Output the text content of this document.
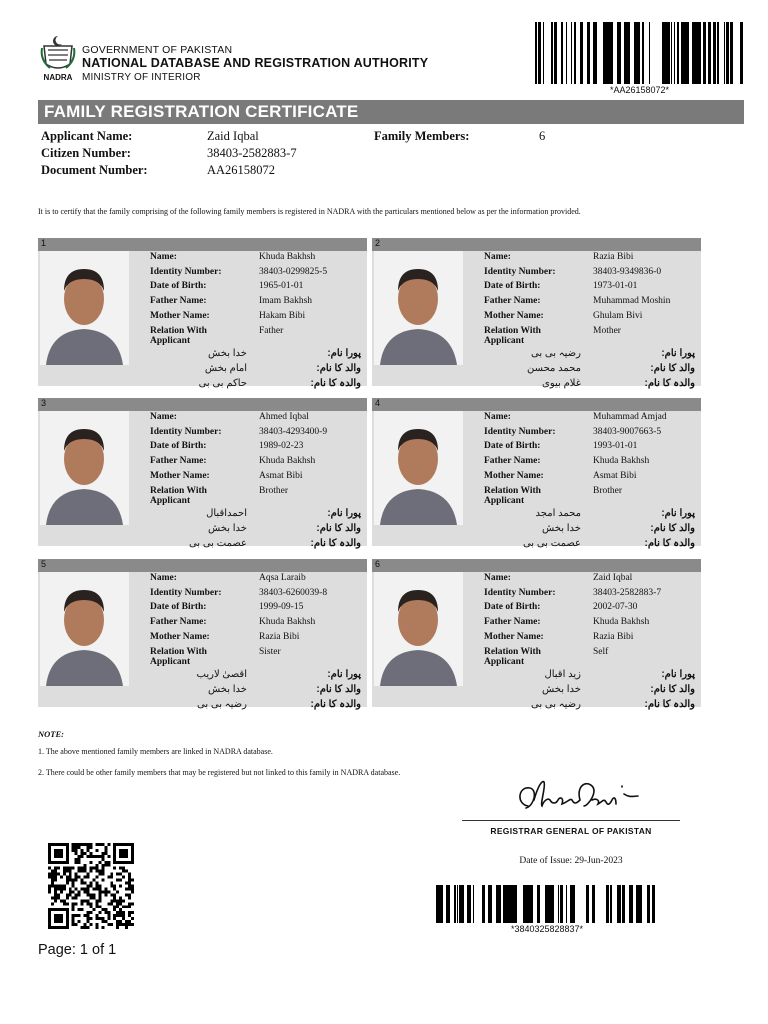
NADRA
GOVERNMENT OF PAKISTAN
NATIONAL DATABASE AND REGISTRATION AUTHORITY
MINISTRY OF INTERIOR
*AA26158072*
FAMILY REGISTRATION CERTIFICATE
Applicant Name:	Zaid Iqbal	Family Members:	6
Citizen Number:	38403-2582883-7
Document Number:	AA26158072
It is to certify that the family comprising of the following family members is registered in NADRA with the particulars mentioned below as per the information provided.
1
Name:	Khuda Bakhsh
Identity Number:	38403-0299825-5
Date of Birth:	1965-01-01
Father Name:	Imam Bakhsh
Mother Name:	Hakam Bibi
Relation With
Applicant
Father
پورا نام:
خدا بخش
والد کا نام:
امام بخش
والدہ کا نام:
حاکم بی بی
2
Name:	Razia Bibi
Identity Number:	38403-9349836-0
Date of Birth:	1973-01-01
Father Name:	Muhammad Moshin
Mother Name:	Ghulam Bivi
Relation With
Applicant
Mother
پورا نام:
رضیہ بی بی
والد کا نام:
محمد محسن
والدہ کا نام:
غلام بیوی
3
Name:	Ahmed Iqbal
Identity Number:	38403-4293400-9
Date of Birth:	1989-02-23
Father Name:	Khuda Bakhsh
Mother Name:	Asmat Bibi
Relation With
Applicant
Brother
پورا نام:
احمداقبال
والد کا نام:
خدا بخش
والدہ کا نام:
عصمت بی بی
4
Name:	Muhammad Amjad
Identity Number:	38403-9007663-5
Date of Birth:	1993-01-01
Father Name:	Khuda Bakhsh
Mother Name:	Asmat Bibi
Relation With
Applicant
Brother
پورا نام:
محمد امجد
والد کا نام:
خدا بخش
والدہ کا نام:
عصمت بی بی
5
Name:	Aqsa Laraib
Identity Number:	38403-6260039-8
Date of Birth:	1999-09-15
Father Name:	Khuda Bakhsh
Mother Name:	Razia Bibi
Relation With
Applicant
Sister
پورا نام:
اقصیٰ لاریب
والد کا نام:
خدا بخش
والدہ کا نام:
رضیہ بی بی
6
Name:	Zaid Iqbal
Identity Number:	38403-2582883-7
Date of Birth:	2002-07-30
Father Name:	Khuda Bakhsh
Mother Name:	Razia Bibi
Relation With
Applicant
Self
پورا نام:
زید اقبال
والد کا نام:
خدا بخش
والدہ کا نام:
رضیہ بی بی
NOTE:
1. The above mentioned family members are linked in NADRA database.
2. There could be other family members that may be registered but not linked to this family in NADRA database.
REGISTRAR GENERAL OF PAKISTAN
Date of Issue: 29-Jun-2023
*3840325828837*
Page: 1 of 1
